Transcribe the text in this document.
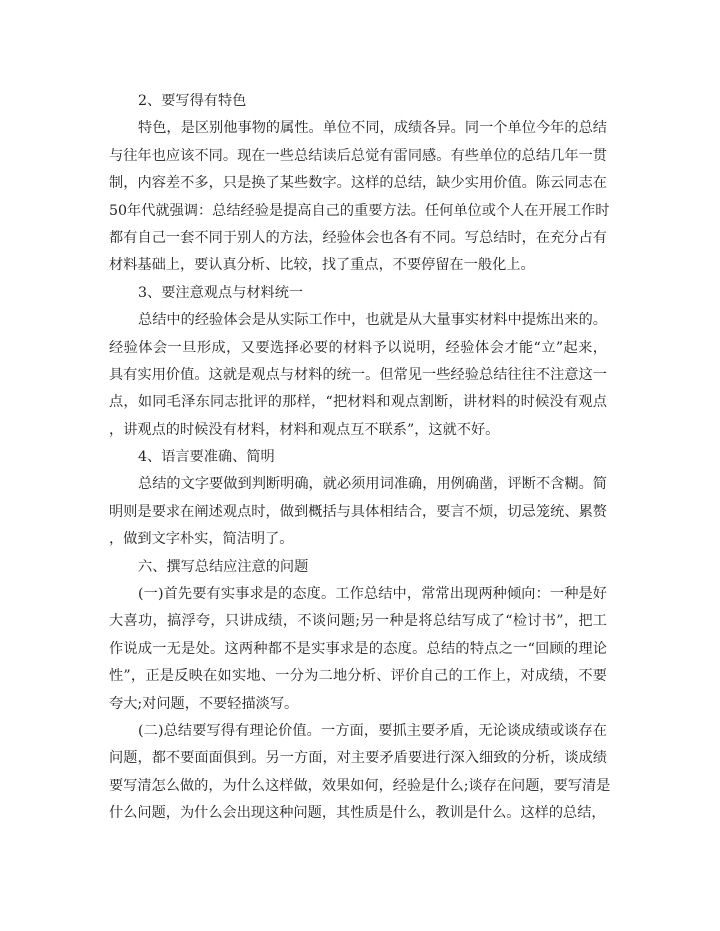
2、要写得有特色
特色，是区别他事物的属性。单位不同，成绩各异。同一个单位今年的总结
与往年也应该不同。现在一些总结读后总觉有雷同感。有些单位的总结几年一贯
制，内容差不多，只是换了某些数字。这样的总结，缺少实用价值。陈云同志在
50年代就强调：总结经验是提高自己的重要方法。任何单位或个人在开展工作时
都有自己一套不同于别人的方法，经验体会也各有不同。写总结时，在充分占有
材料基础上，要认真分析、比较，找了重点，不要停留在一般化上。
3、要注意观点与材料统一
总结中的经验体会是从实际工作中，也就是从大量事实材料中提炼出来的。
经验体会一旦形成，又要选择必要的材料予以说明，经验体会才能“立”起来，
具有实用价值。这就是观点与材料的统一。但常见一些经验总结往往不注意这一
点，如同毛泽东同志批评的那样，“把材料和观点割断，讲材料的时候没有观点
，讲观点的时候没有材料，材料和观点互不联系”，这就不好。
4、语言要准确、简明
总结的文字要做到判断明确，就必须用词准确，用例确凿，评断不含糊。简
明则是要求在阐述观点时，做到概括与具体相结合，要言不烦，切忌笼统、累赘
，做到文字朴实，简洁明了。
六、撰写总结应注意的问题
(一)首先要有实事求是的态度。工作总结中，常常出现两种倾向：一种是好
大喜功，搞浮夸，只讲成绩，不谈问题;另一种是将总结写成了“检讨书”，把工
作说成一无是处。这两种都不是实事求是的态度。总结的特点之一“回顾的理论
性”，正是反映在如实地、一分为二地分析、评价自己的工作上，对成绩，不要
夸大;对问题，不要轻描淡写。
(二)总结要写得有理论价值。一方面，要抓主要矛盾，无论谈成绩或谈存在
问题，都不要面面俱到。另一方面，对主要矛盾要进行深入细致的分析，谈成绩
要写清怎么做的，为什么这样做，效果如何，经验是什么;谈存在问题，要写清是
什么问题，为什么会出现这种问题，其性质是什么，教训是什么。这样的总结，
